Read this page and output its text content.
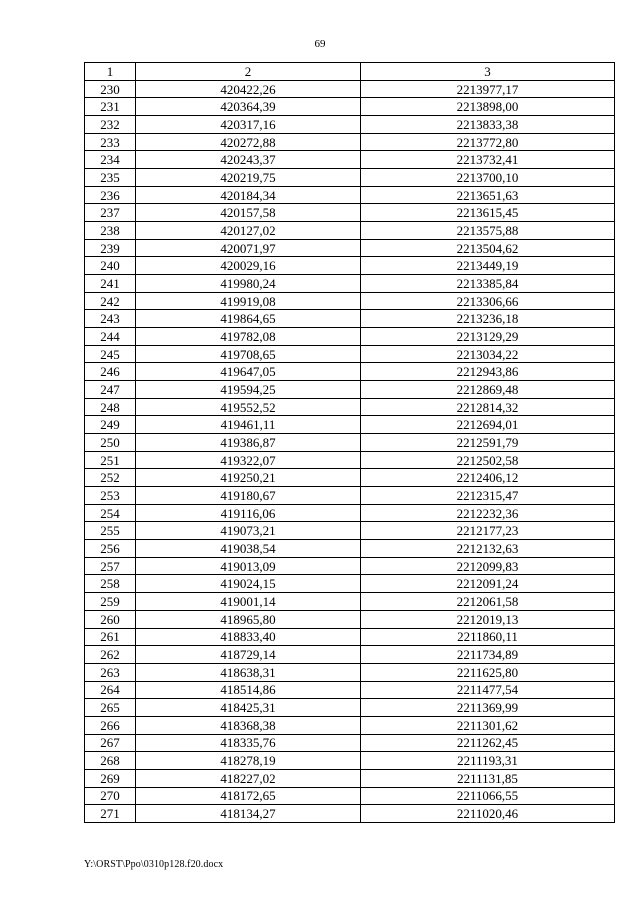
69
1	2	3
230	420422,26	2213977,17
231	420364,39	2213898,00
232	420317,16	2213833,38
233	420272,88	2213772,80
234	420243,37	2213732,41
235	420219,75	2213700,10
236	420184,34	2213651,63
237	420157,58	2213615,45
238	420127,02	2213575,88
239	420071,97	2213504,62
240	420029,16	2213449,19
241	419980,24	2213385,84
242	419919,08	2213306,66
243	419864,65	2213236,18
244	419782,08	2213129,29
245	419708,65	2213034,22
246	419647,05	2212943,86
247	419594,25	2212869,48
248	419552,52	2212814,32
249	419461,11	2212694,01
250	419386,87	2212591,79
251	419322,07	2212502,58
252	419250,21	2212406,12
253	419180,67	2212315,47
254	419116,06	2212232,36
255	419073,21	2212177,23
256	419038,54	2212132,63
257	419013,09	2212099,83
258	419024,15	2212091,24
259	419001,14	2212061,58
260	418965,80	2212019,13
261	418833,40	2211860,11
262	418729,14	2211734,89
263	418638,31	2211625,80
264	418514,86	2211477,54
265	418425,31	2211369,99
266	418368,38	2211301,62
267	418335,76	2211262,45
268	418278,19	2211193,31
269	418227,02	2211131,85
270	418172,65	2211066,55
271	418134,27	2211020,46
Y:\ORST\Ppo\0310p128.f20.docx
